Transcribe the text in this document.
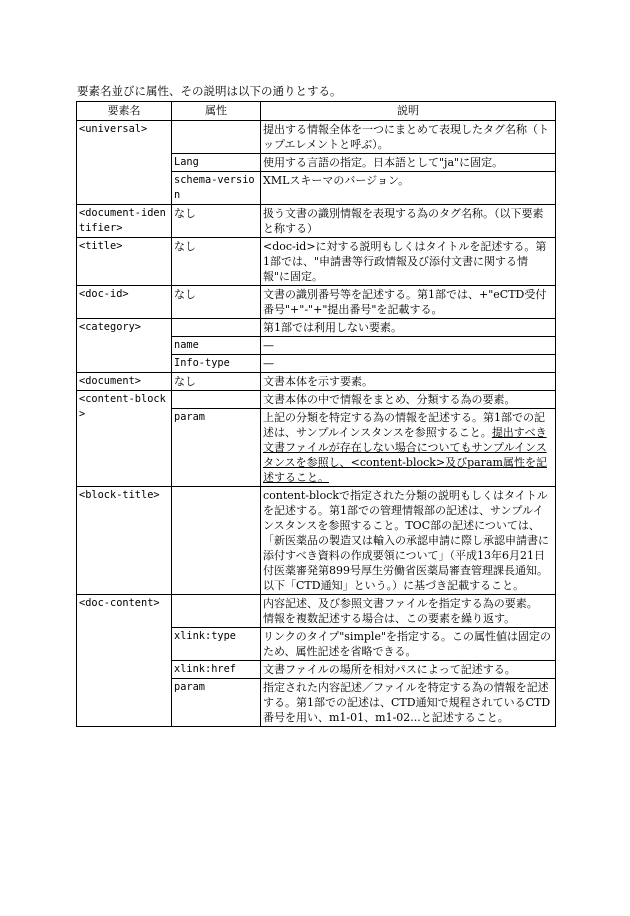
要素名並びに属性、その説明は以下の通りとする。
要素名	属性	説明
<universal>		提出する情報全体を一つにまとめて表現したタグ名称（トップエレメントと呼ぶ）。
	Lang	使用する言語の指定。日本語として"ja"に固定。
	schema-version	XMLスキーマのバージョン。
<document-identifier>	なし	扱う文書の識別情報を表現する為のタグ名称。（以下要素と称する）
<title>	なし	<doc-id>に対する説明もしくはタイトルを記述する。第1部では、"申請書等行政情報及び添付文書に関する情報"に固定。
<doc-id>	なし	文書の識別番号等を記述する。第1部では、+"eCTD受付番号"+"-"+"提出番号"を記載する。
<category>		第1部では利用しない要素。
	name	—
	Info-type	—
<document>	なし	文書本体を示す要素。
<content-block>		文書本体の中で情報をまとめ、分類する為の要素。
	param	上記の分類を特定する為の情報を記述する。第1部での記述は、サンプルインスタンスを参照すること。提出すべき文書ファイルが存在しない場合についてもサンプルインスタンスを参照し、<content-block>及びparam属性を記述すること。
<block-title>		content-blockで指定された分類の説明もしくはタイトルを記述する。第1部での管理情報部の記述は、サンプルインスタンスを参照すること。TOC部の記述については、「新医薬品の製造又は輸入の承認申請に際し承認申請書に添付すべき資料の作成要領について」（平成13年6月21日付医薬審発第899号厚生労働省医薬局審査管理課長通知。以下「CTD通知」という。）に基づき記載すること。
<doc-content>		内容記述、及び参照文書ファイルを指定する為の要素。
情報を複数記述する場合は、この要素を繰り返す。

	xlink:type	リンクのタイプ"simple"を指定する。この属性値は固定のため、属性記述を省略できる。
	xlink:href	文書ファイルの場所を相対パスによって記述する。
	param	指定された内容記述／ファイルを特定する為の情報を記述する。第1部での記述は、CTD通知で規程されているCTD番号を用い、m1-01、m1-02...と記述すること。
